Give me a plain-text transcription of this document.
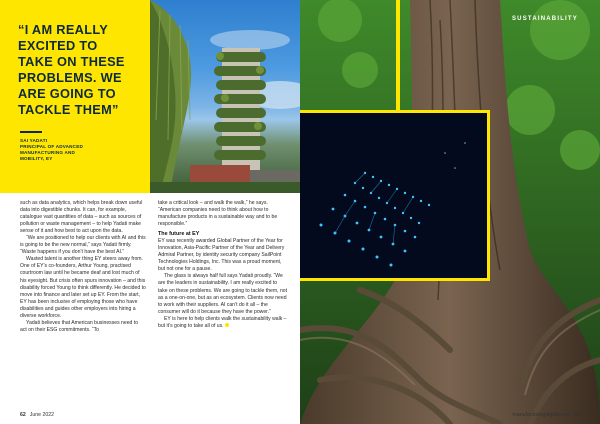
“I AM REALLY
EXCITED TO
TAKE ON THESE
PROBLEMS. WE
ARE GOING TO
TACKLE THEM”

SAI YADATI
PRINCIPAL OF ADVANCED
MANUFACTURING AND
MOBILITY, EY

such as data analytics, which helps break down useful data into digestible chunks. It can, for example, catalogue vast quantities of data – such as sources of pollution or waste management – to help Yadati make sense of it and how best to act upon the data.

“We are positioned to help our clients with AI and this is going to be the new normal,” says Yadati firmly. “Waste happens if you don’t have the best AI.”

Wasted talent is another thing EY steers away from. One of EY’s co-founders, Arthur Young, practised courtroom law until he became deaf and lost much of his eyesight. But crisis often spurs innovation – and this disability forced Young to think differently. He decided to move into finance and later set up EY. From the start, EY has been inclusive of employing those who have disabilities and guides other employers into hiring a diverse workforce.

Yadati believes that American businesses need to act on their ESG commitments. “To

take a critical look – and walk the walk,” he says. “American companies need to think about how to manufacture products in a sustainable way and to be responsible.”

The future at EY

EY was recently awarded Global Partner of the Year for Innovation, Asia-Pacific Partner of the Year and Delivery Admiral Partner, by identity security company SailPoint Technologies Holdings, Inc. This was a proud moment, but not one for a pause.

The glass is always half full says Yadati proudly. “We are the leaders in sustainability. I am really excited to take on these problems. We are going to tackle them, not as a one-on-one, but as an ecosystem. Clients now need to work with their suppliers. AI can’t do it all – the consumer will do it because they have the power.”

EY is here to help clients walk the sustainability walk – but it’s going to take all of us.

62 June 2022
SUSTAINABILITY
manufacturingdigital.com 63
